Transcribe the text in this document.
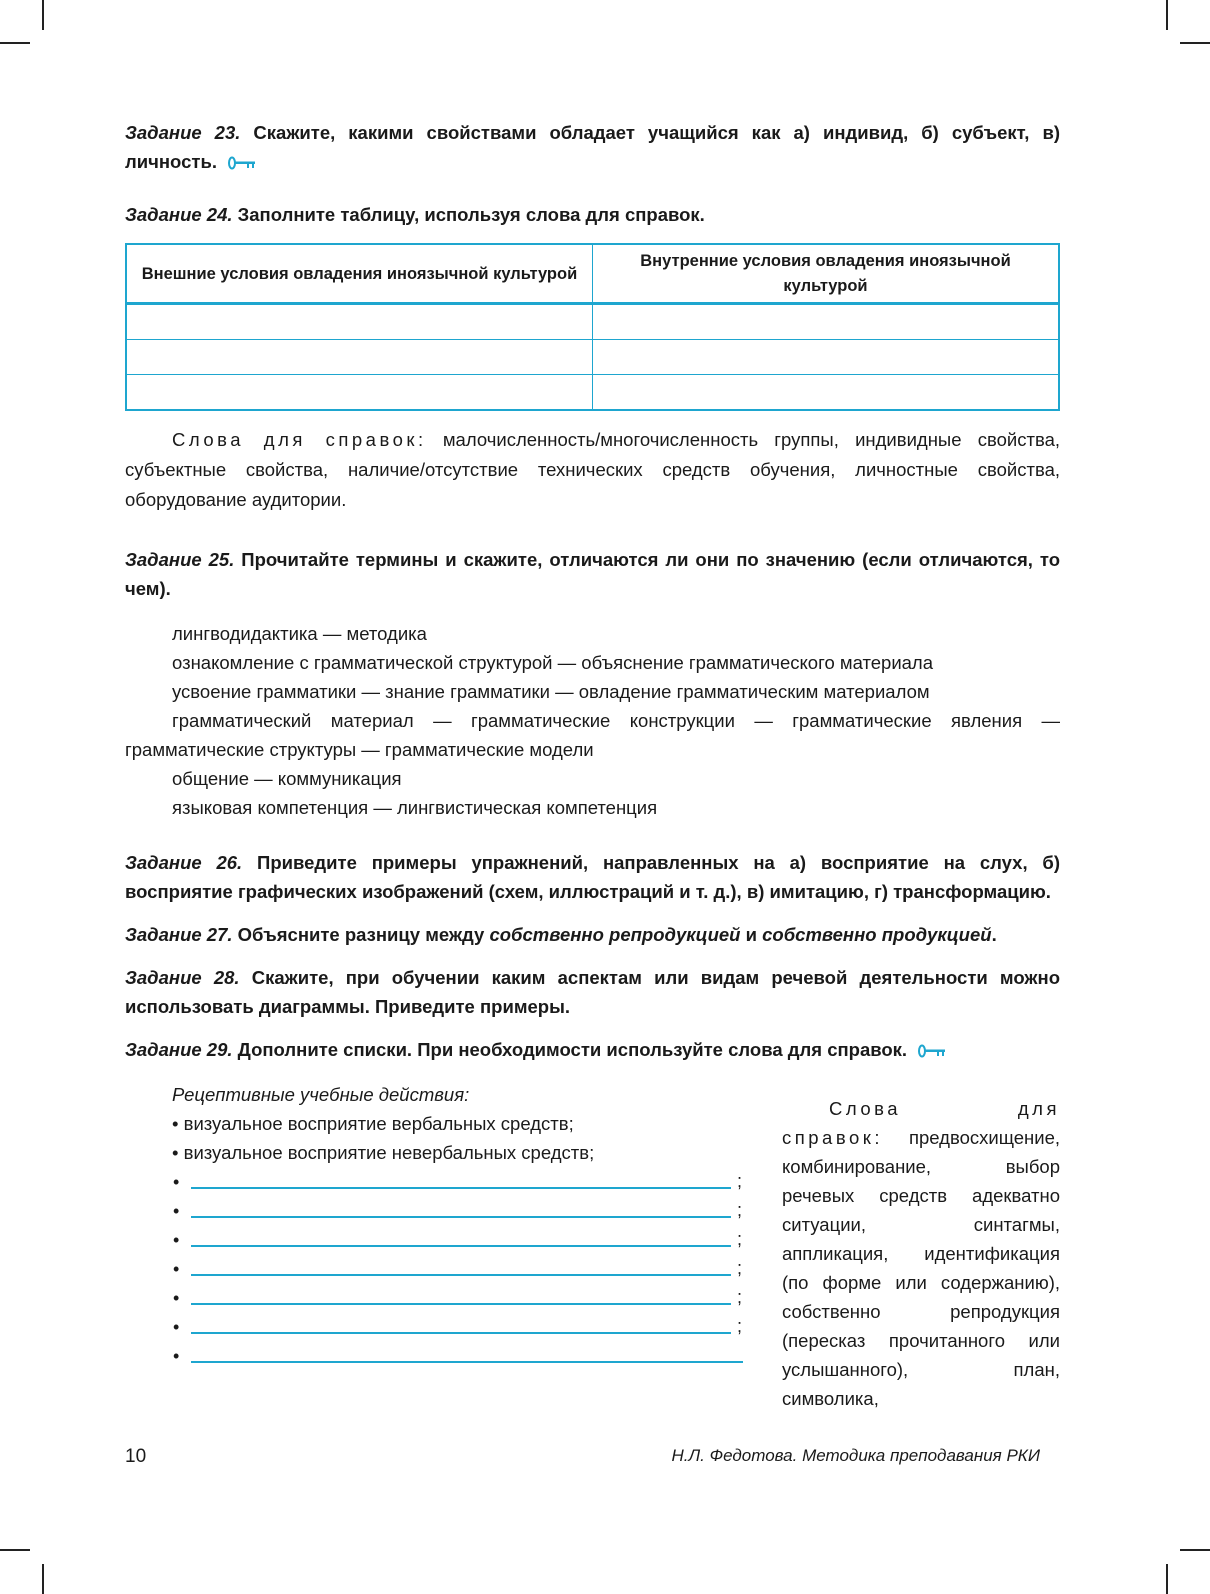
Задание 23. Скажите, какими свойствами обладает учащийся как а) индивид, б) субъект, в) личность.
Задание 24. Заполните таблицу, используя слова для справок.
Внешние условия овладения иноязычной культурой	Внутренние условия овладения иноязычной культурой

Слова для справок: малочисленность/многочисленность группы, индивидные свойства, субъектные свойства, наличие/отсутствие технических средств обучения, личностные свойства, оборудование аудитории.
Задание 25. Прочитайте термины и скажите, отличаются ли они по значению (если отличаются, то чем).
лингводидактика — методика
ознакомление с грамматической структурой — объяснение грамматического материала
усвоение грамматики — знание грамматики — овладение грамматическим материалом
грамматический материал — грамматические конструкции — грамматические явления — грамматические структуры — грамматические модели
общение — коммуникация
языковая компетенция — лингвистическая компетенция
Задание 26. Приведите примеры упражнений, направленных на а) восприятие на слух, б) восприятие графических изображений (схем, иллюстраций и т. д.), в) имитацию, г) трансформацию.
Задание 27. Объясните разницу между собственно репродукцией и собственно продукцией.
Задание 28. Скажите, при обучении каким аспектам или видам речевой деятельности можно использовать диаграммы. Приведите примеры.
Задание 29. Дополните списки. При необходимости используйте слова для справок.
Рецептивные учебные действия:
• визуальное восприятие вербальных средств;
• визуальное восприятие невербальных средств;
•	;
•	;
•	;
•	;
•	;
•	;
•
Слова для справок: предвосхищение, комбинирование, выбор речевых средств адекватно ситуации, синтагмы, аппликация, идентификация (по форме или содержанию), собственно репродукция (пересказ прочитанного или услышанного), план, символика,
10	Н.Л. Федотова. Методика преподавания РКИ
